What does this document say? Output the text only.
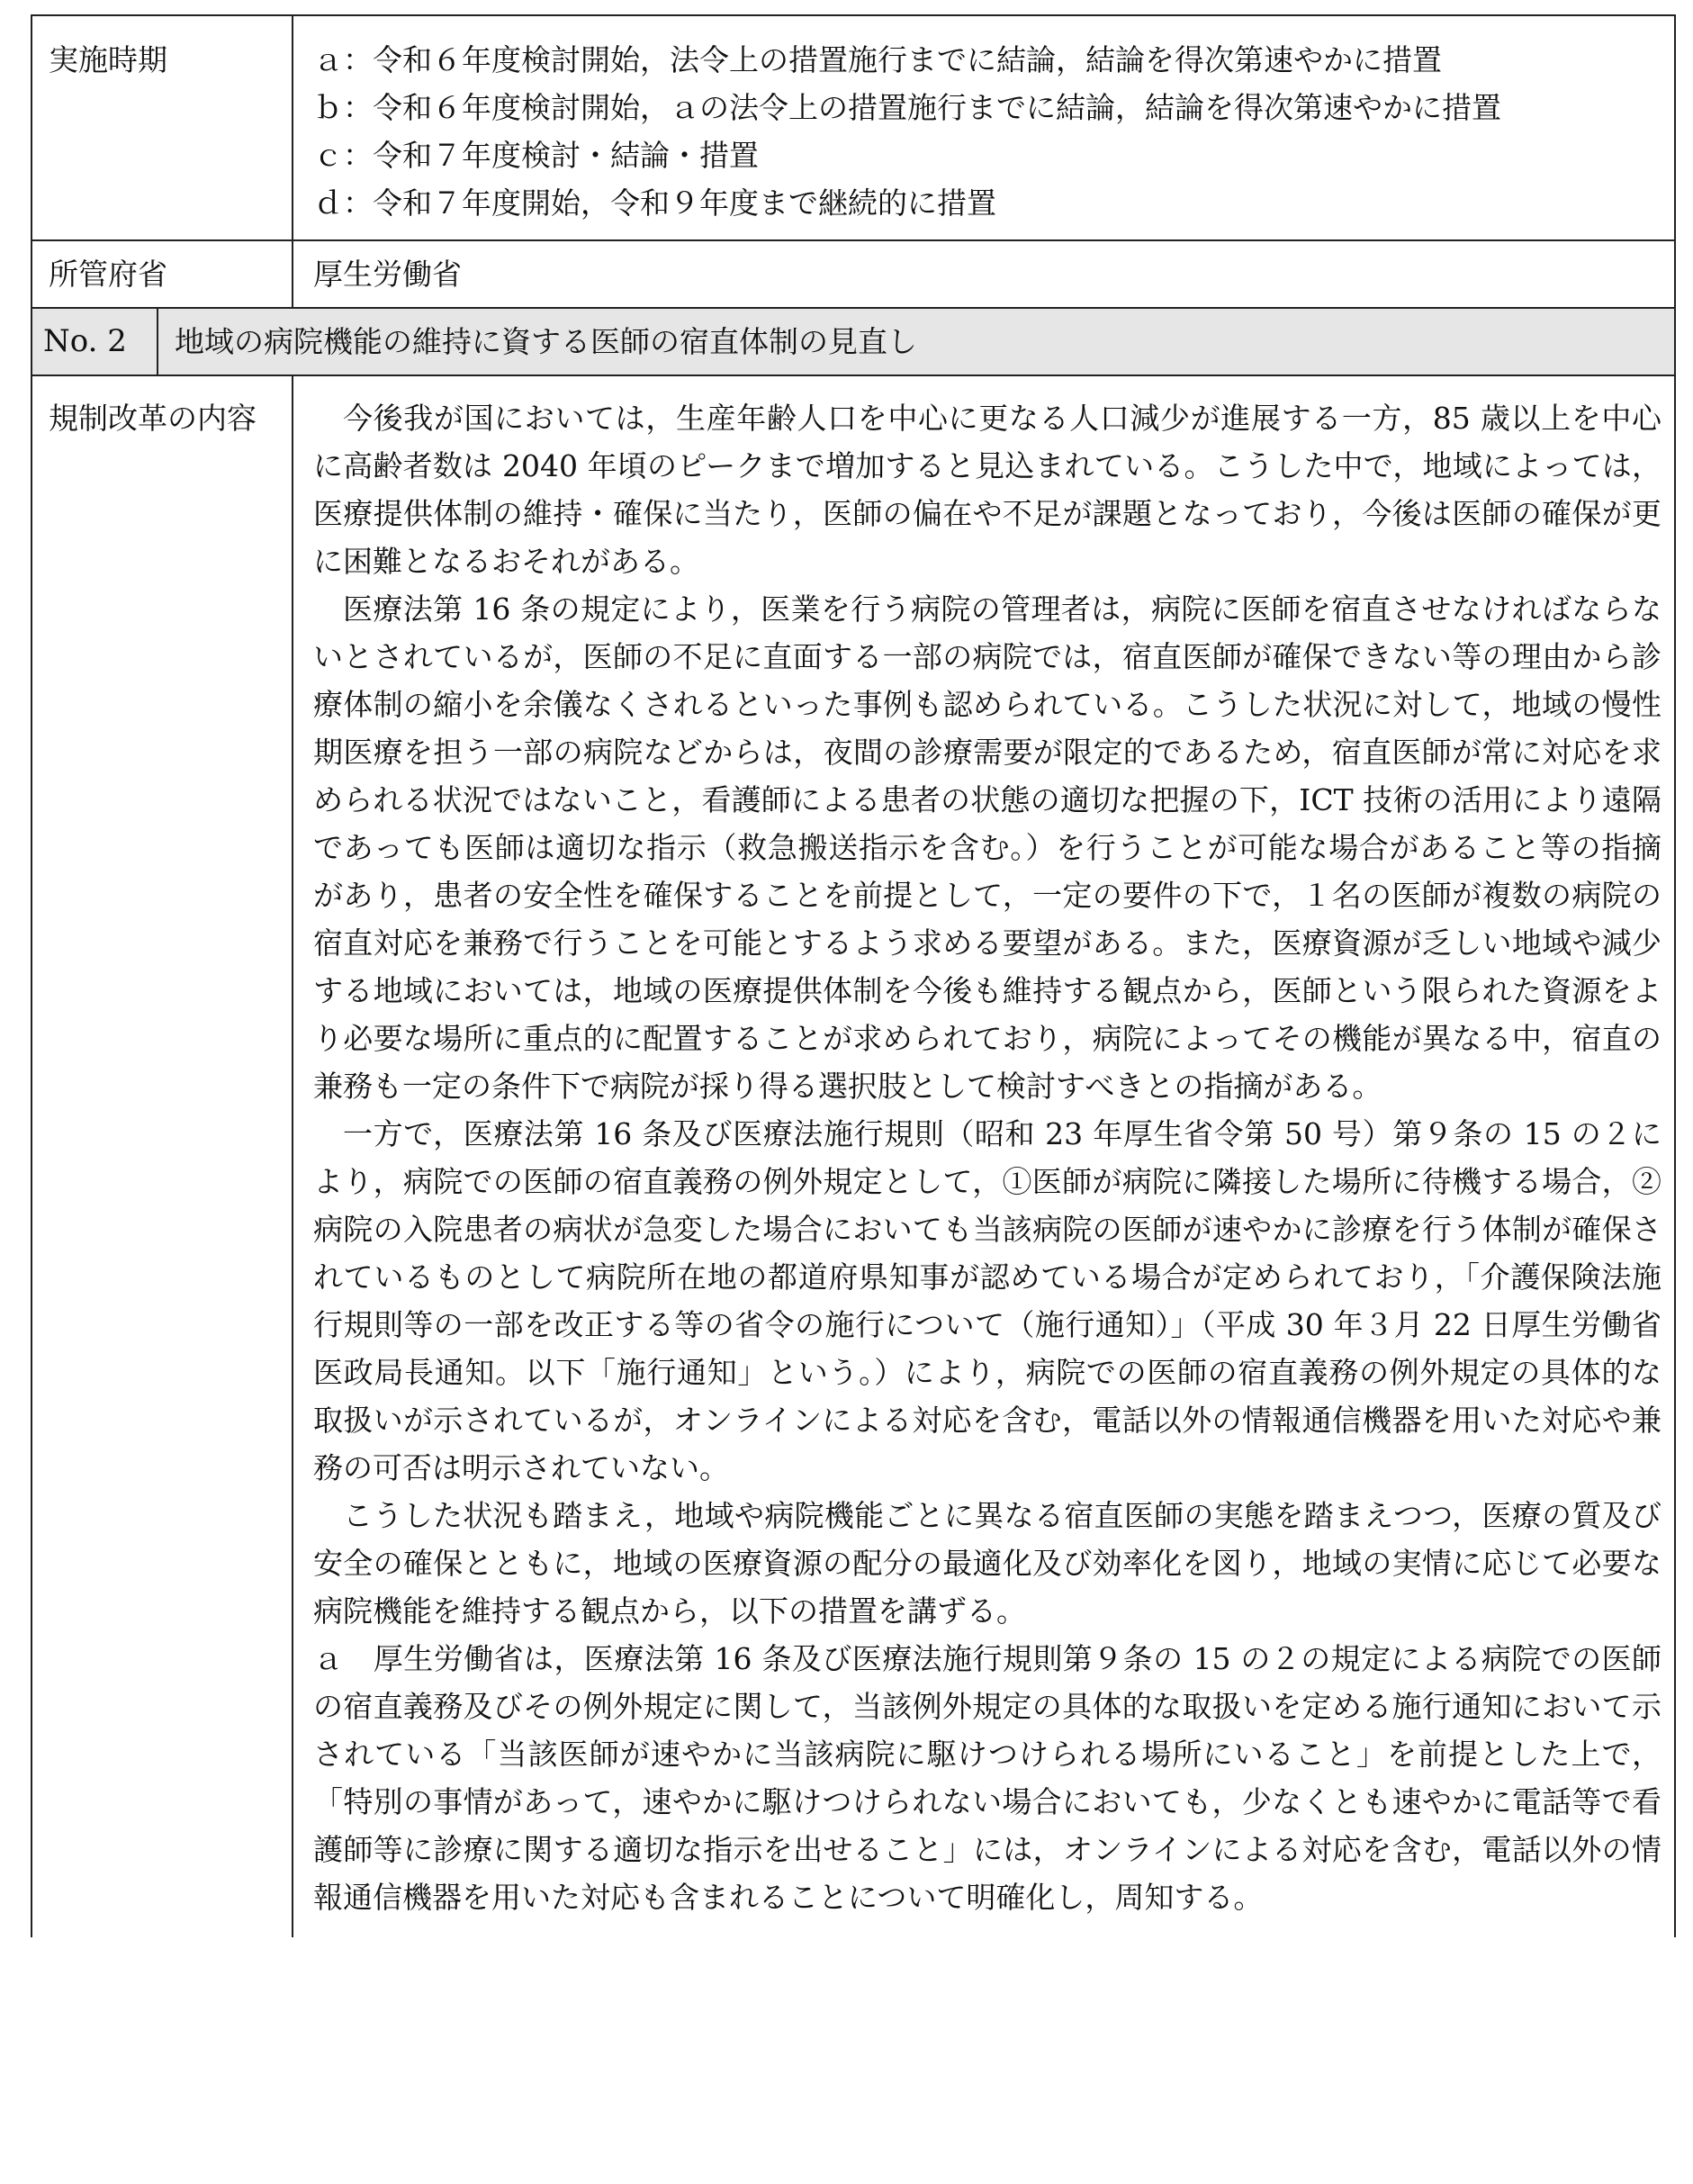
実施時期	ａ：令和６年度検討開始，法令上の措置施行までに結論，結論を得次第速やかに措置
ｂ：令和６年度検討開始，ａの法令上の措置施行までに結論，結論を得次第速やかに措置
ｃ：令和７年度検討・結論・措置
ｄ：令和７年度開始，令和９年度まで継続的に措置
所管府省	厚生労働省
No. 2	地域の病院機能の維持に資する医師の宿直体制の見直し
規制改革の内容	今後我が国においては，生産年齢人口を中心に更なる人口減少が進展する一方，85 歳以上を中心に高齢者数は 2040 年頃のピークまで増加すると見込まれている。こうした中で，地域によっては，医療提供体制の維持・確保に当たり，医師の偏在や不足が課題となっており，今後は医師の確保が更に困難となるおそれがある。

医療法第 16 条の規定により，医業を行う病院の管理者は，病院に医師を宿直させなければならないとされているが，医師の不足に直面する一部の病院では，宿直医師が確保できない等の理由から診療体制の縮小を余儀なくされるといった事例も認められている。こうした状況に対して，地域の慢性期医療を担う一部の病院などからは，夜間の診療需要が限定的であるため，宿直医師が常に対応を求められる状況ではないこと，看護師による患者の状態の適切な把握の下，ICT 技術の活用により遠隔であっても医師は適切な指示（救急搬送指示を含む。）を行うことが可能な場合があること等の指摘があり，患者の安全性を確保することを前提として，一定の要件の下で，１名の医師が複数の病院の宿直対応を兼務で行うことを可能とするよう求める要望がある。また，医療資源が乏しい地域や減少する地域においては，地域の医療提供体制を今後も維持する観点から，医師という限られた資源をより必要な場所に重点的に配置することが求められており，病院によってその機能が異なる中，宿直の兼務も一定の条件下で病院が採り得る選択肢として検討すべきとの指摘がある。

一方で，医療法第 16 条及び医療法施行規則（昭和 23 年厚生省令第 50 号）第９条の 15 の２により，病院での医師の宿直義務の例外規定として，①医師が病院に隣接した場所に待機する場合，②病院の入院患者の病状が急変した場合においても当該病院の医師が速やかに診療を行う体制が確保されているものとして病院所在地の都道府県知事が認めている場合が定められており，「介護保険法施行規則等の一部を改正する等の省令の施行について（施行通知）」（平成 30 年３月 22 日厚生労働省医政局長通知。以下「施行通知」という。）により，病院での医師の宿直義務の例外規定の具体的な取扱いが示されているが，オンラインによる対応を含む，電話以外の情報通信機器を用いた対応や兼務の可否は明示されていない。

こうした状況も踏まえ，地域や病院機能ごとに異なる宿直医師の実態を踏まえつつ，医療の質及び安全の確保とともに，地域の医療資源の配分の最適化及び効率化を図り，地域の実情に応じて必要な病院機能を維持する観点から，以下の措置を講ずる。

ａ　厚生労働省は，医療法第 16 条及び医療法施行規則第９条の 15 の２の規定による病院での医師の宿直義務及びその例外規定に関して，当該例外規定の具体的な取扱いを定める施行通知において示されている「当該医師が速やかに当該病院に駆けつけられる場所にいること」を前提とした上で，「特別の事情があって，速やかに駆けつけられない場合においても，少なくとも速やかに電話等で看護師等に診療に関する適切な指示を出せること」には，オンラインによる対応を含む，電話以外の情報通信機器を用いた対応も含まれることについて明確化し，周知する。
